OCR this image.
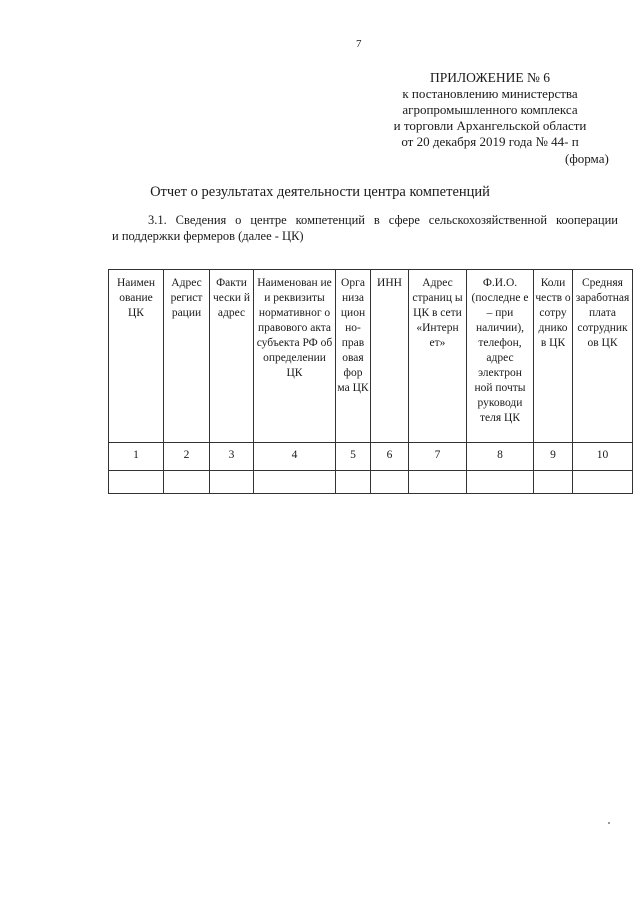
7
ПРИЛОЖЕНИЕ № 6
к постановлению министерства
агропромышленного комплекса
и торговли Архангельской области
от 20 декабря 2019 года № 44- п
(форма)
Отчет о результатах деятельности центра компетенций
3.1. Сведения о центре компетенций в сфере сельскохозяйственной кооперации
и поддержки фермеров (далее - ЦК)
Наимен ование ЦК	Адрес регист рации	Факти чески й адрес	Наименован ие и реквизиты нормативног о правового акта субъекта РФ об определении ЦК	Орга низа цион но- прав овая фор ма ЦК	ИНН	Адрес страниц ы ЦК в сети «Интерн ет»	Ф.И.О. (последне е – при наличии), телефон, адрес электрон ной почты руководи теля ЦК	Коли честв о сотру днико в ЦК	Средняя заработная плата сотрудник ов ЦК
1	2	3	4	5	6	7	8	9	10
